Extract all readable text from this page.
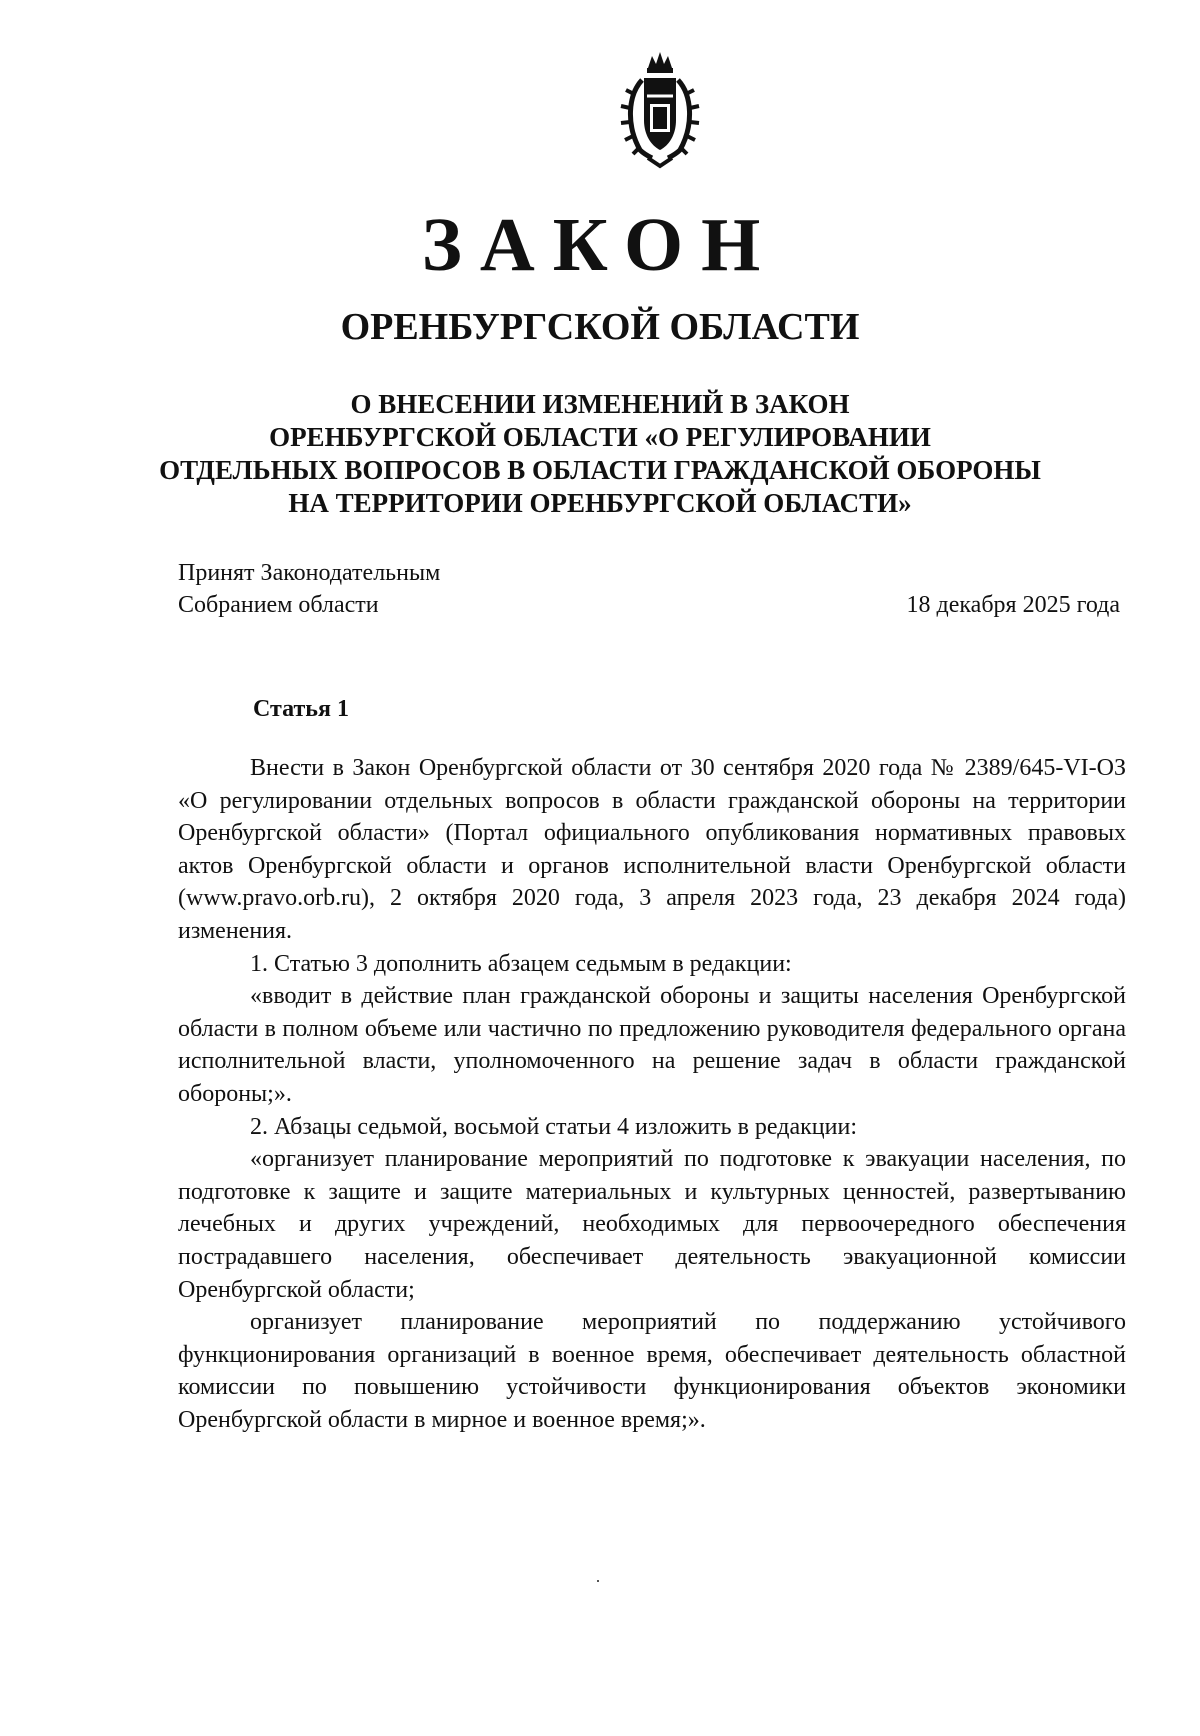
ЗАКОН
ОРЕНБУРГСКОЙ ОБЛАСТИ
О ВНЕСЕНИИ ИЗМЕНЕНИЙ В ЗАКОН
ОРЕНБУРГСКОЙ ОБЛАСТИ «О РЕГУЛИРОВАНИИ
ОТДЕЛЬНЫХ ВОПРОСОВ В ОБЛАСТИ ГРАЖДАНСКОЙ ОБОРОНЫ
НА ТЕРРИТОРИИ ОРЕНБУРГСКОЙ ОБЛАСТИ»
Принят Законодательным
Собранием области	18 декабря 2025 года
Статья 1

Внести в Закон Оренбургской области от 30 сентября 2020 года № 2389/645-VI-ОЗ «О регулировании отдельных вопросов в области гражданской обороны на территории Оренбургской области» (Портал официального опубликования нормативных правовых актов Оренбургской области и органов исполнительной власти Оренбургской области (www.pravo.orb.ru), 2 октября 2020 года, 3 апреля 2023 года, 23 декабря 2024 года) изменения.

1. Статью 3 дополнить абзацем седьмым в редакции:

«вводит в действие план гражданской обороны и защиты населения Оренбургской области в полном объеме или частично по предложению руководителя федерального органа исполнительной власти, уполномоченного на решение задач в области гражданской обороны;».

2. Абзацы седьмой, восьмой статьи 4 изложить в редакции:

«организует планирование мероприятий по подготовке к эвакуации населения, по подготовке к защите и защите материальных и культурных ценностей, развертыванию лечебных и других учреждений, необходимых для первоочередного обеспечения пострадавшего населения, обеспечивает деятельность эвакуационной комиссии Оренбургской области;

организует планирование мероприятий по поддержанию устойчивого функционирования организаций в военное время, обеспечивает деятельность областной комиссии по повышению устойчивости функционирования объектов экономики Оренбургской области в мирное и военное время;».
